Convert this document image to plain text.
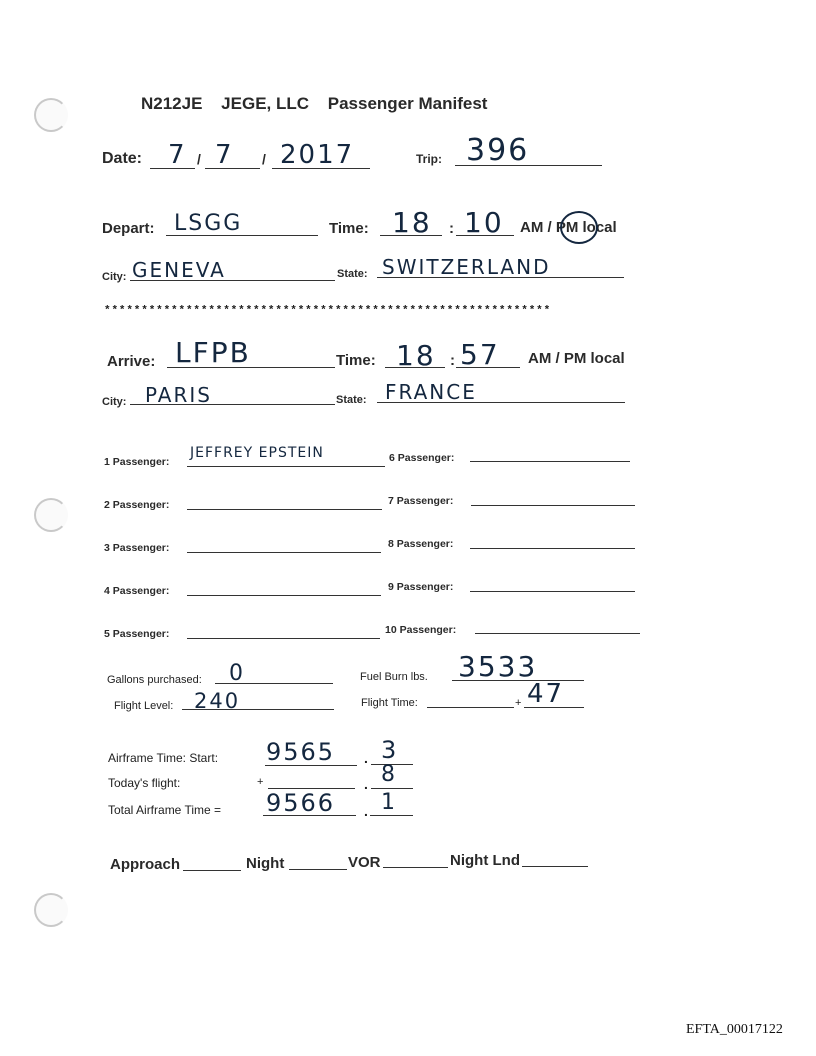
N212JE JEGE, LLC Passenger Manifest
Date: 7 / 7 / 2017	Trip: 396
Depart: LSGG	Time: 18 : 10 AM / PM local
City: GENEVA	State: SWITZERLAND
************************************************************
Arrive: LFPB	Time: 18 : 57 AM / PM local
City: PARIS	State: FRANCE
1 Passenger:
JEFFREY EPSTEIN
2 Passenger:
3 Passenger:
4 Passenger:
5 Passenger:
6 Passenger:
7 Passenger:
8 Passenger:
9 Passenger:
10 Passenger:
Gallons purchased: 0	Fuel Burn lbs. 3533
Flight Level: 240	Flight Time:	+ 47
Airframe Time: Start: 9565 . 3
Today's flight:	+	. 8
Total Airframe Time = 9566 . 1
Approach	Night	VOR	Night Lnd
EFTA_00017122
